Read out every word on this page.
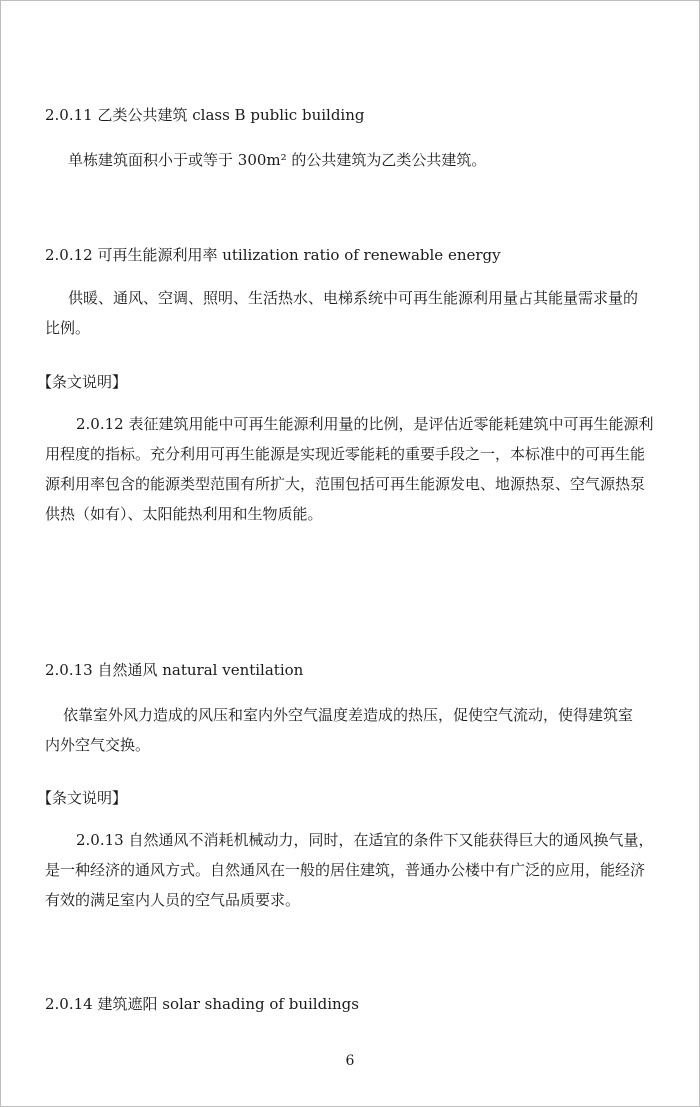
2.0.11 乙类公共建筑 class B public building

单栋建筑面积小于或等于 300m² 的公共建筑为乙类公共建筑。

2.0.12 可再生能源利用率 utilization ratio of renewable energy

供暖、通风、空调、照明、生活热水、电梯系统中可再生能源利用量占其能量需求量的
比例。

【条文说明】

2.0.12 表征建筑用能中可再生能源利用量的比例，是评估近零能耗建筑中可再生能源利
用程度的指标。充分利用可再生能源是实现近零能耗的重要手段之一，本标准中的可再生能
源利用率包含的能源类型范围有所扩大，范围包括可再生能源发电、地源热泵、空气源热泵
供热（如有）、太阳能热利用和生物质能。

2.0.13 自然通风 natural ventilation

依靠室外风力造成的风压和室内外空气温度差造成的热压，促使空气流动，使得建筑室
内外空气交换。

【条文说明】

2.0.13 自然通风不消耗机械动力，同时，在适宜的条件下又能获得巨大的通风换气量，
是一种经济的通风方式。自然通风在一般的居住建筑，普通办公楼中有广泛的应用，能经济
有效的满足室内人员的空气品质要求。

2.0.14 建筑遮阳 solar shading of buildings

6
